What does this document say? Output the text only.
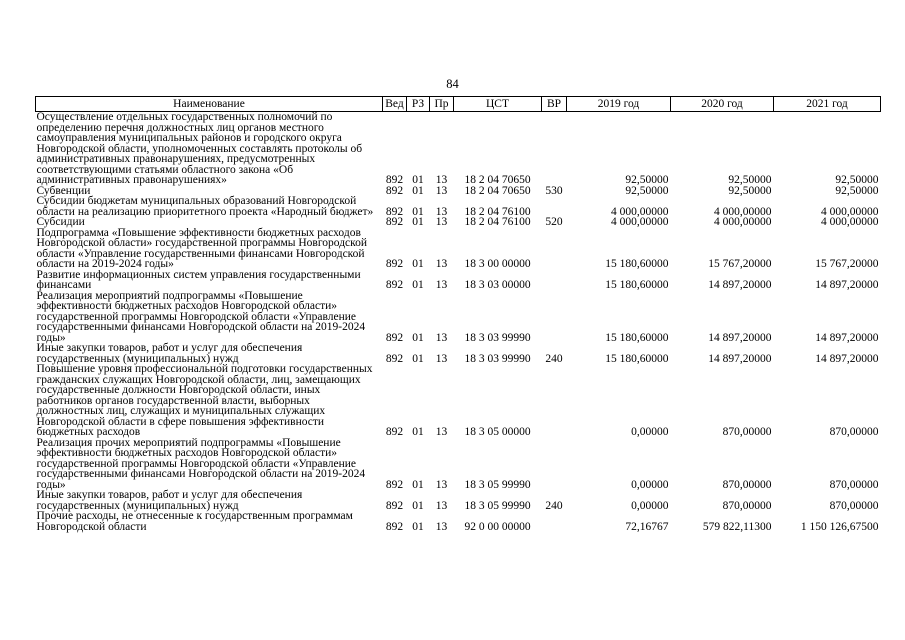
84
Наименование	Вед	РЗ	Пр	ЦСТ	ВР	2019 год	2020 год	2021 год
Осуществление отдельных государственных полномочий по определению перечня должностных лиц органов местного самоуправления муниципальных районов и городского округа Новгородской области, уполномоченных составлять протоколы об административных правонарушениях, предусмотренных соответствующими статьями областного закона «Об административных правонарушениях»	892	01	13	18 2 04 70650		92,50000	92,50000	92,50000
Субвенции	892	01	13	18 2 04 70650	530	92,50000	92,50000	92,50000
Субсидии бюджетам муниципальных образований Новгородской области на реализацию приоритетного проекта «Народный бюджет»	892	01	13	18 2 04 76100		4 000,00000	4 000,00000	4 000,00000
Субсидии	892	01	13	18 2 04 76100	520	4 000,00000	4 000,00000	4 000,00000
Подпрограмма «Повышение эффективности бюджетных расходов Новгородской области» государственной программы Новгородской области «Управление государственными финансами Новгородской области на 2019-2024 годы»	892	01	13	18 3 00 00000		15 180,60000	15 767,20000	15 767,20000
Развитие информационных систем управления государственными финансами	892	01	13	18 3 03 00000		15 180,60000	14 897,20000	14 897,20000
Реализация мероприятий подпрограммы «Повышение эффективности бюджетных расходов Новгородской области» государственной программы Новгородской области «Управление государственными финансами Новгородской области на 2019-2024 годы»	892	01	13	18 3 03 99990		15 180,60000	14 897,20000	14 897,20000
Иные закупки товаров, работ и услуг для обеспечения государственных (муниципальных) нужд	892	01	13	18 3 03 99990	240	15 180,60000	14 897,20000	14 897,20000
Повышение уровня профессиональной подготовки государственных гражданских служащих Новгородской области, лиц, замещающих государственные должности Новгородской области, иных работников органов государственной власти, выборных должностных лиц, служащих и муниципальных служащих Новгородской области в сфере повышения эффективности бюджетных расходов	892	01	13	18 3 05 00000		0,00000	870,00000	870,00000
Реализация прочих мероприятий подпрограммы «Повышение эффективности бюджетных расходов Новгородской области» государственной программы Новгородской области «Управление государственными финансами Новгородской области на 2019-2024 годы»	892	01	13	18 3 05 99990		0,00000	870,00000	870,00000
Иные закупки товаров, работ и услуг для обеспечения государственных (муниципальных) нужд	892	01	13	18 3 05 99990	240	0,00000	870,00000	870,00000
Прочие расходы, не отнесенные к государственным программам Новгородской области	892	01	13	92 0 00 00000		72,16767	579 822,11300	1 150 126,67500
